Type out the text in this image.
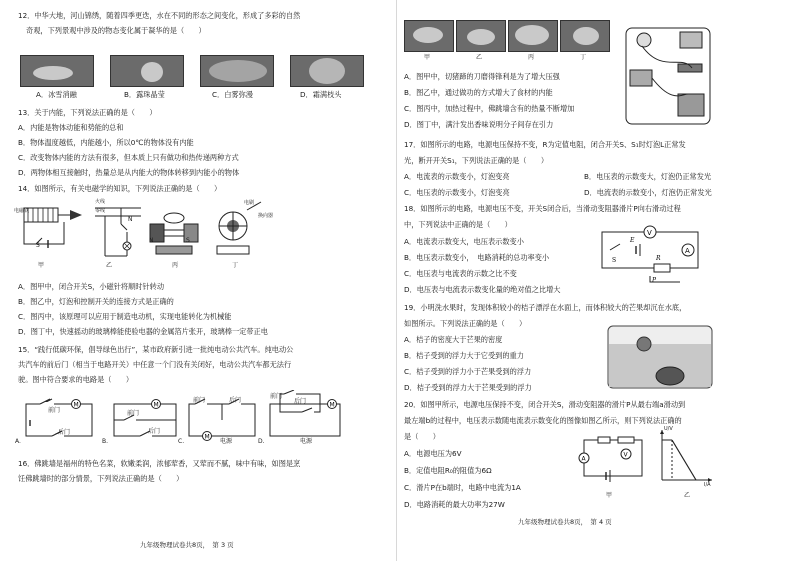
12．中华大地，河山锦绣，随着四季更迭，水在不同的形态之间变化，形成了多彩的自然
奇观，下列景观中涉及的物态变化属于凝华的是（　　）
A．冰雪消融	B．露珠晶莹	C．白雾弥漫	D．霜满枝头
13．关于内能，下列说法正确的是（　　）
A．内能是物体动能和势能的总和
B．物体温度越低，内能越小，所以0℃的物体没有内能
C．改变物体内能的方法有很多，但本质上只有做功和热传递两种方式
D．两物体相互接触时，热量总是从内能大的物体转移到内能小的物体
14．如图所示，有关电磁学的知识，下列说法正确的是（　　）
S
火线
零线
N	S
电刷
换向器
甲	乙	丙	丁
N
电磁铁
A．图甲中，闭合开关S，小磁针将顺时针转动
B．图乙中，灯泡和控制开关的连接方式是正确的
C．图丙中，该原理可以应用于制造电动机，实现电能转化为机械能
D．图丁中，快速摇动的玻璃棒能使验电器的金属箔片张开，玻璃棒一定带正电
15．“践行低碳环保，倡导绿色出行”，某市政府新引进一批纯电动公共汽车。纯电动公
共汽车的前后门（相当于电路开关）中任意一个门没有关闭好，电动公共汽车都无法行
驶。图中符合要求的电路是（　　）
M
前门
后门
M
前门
后门
M
前门	后门
电源
M
前门
后门
电源
A.	B.	C.	D.
16．佛跳墙是福州的特色名菜，软嫩柔润，浓郁荤香，又荤而不腻，味中有味，如图是烹
饪佛跳墙时的部分情景，下列说法正确的是（　　）
九年级物理试卷共8页，　第 3 页
甲	乙	丙	丁
A．图甲中，切猪蹄的刀磨得锋利是为了增大压强
B．图乙中，通过做功的方式增大了食材的内能
C．图丙中，加热过程中，佛跳墙含有的热量不断增加
D．图丁中，满汁发出香味说明分子间存在引力
17．如图所示的电路，电源电压保持不变，R为定值电阻，闭合开关S、S₁时灯泡L正常发
光，断开开关S₁，下列说法正确的是（　　）
A．电流表的示数变小，灯泡变亮	B．电压表的示数变大，灯泡仍正常发光
C．电压表的示数变小，灯泡变亮	D．电流表的示数变小，灯泡仍正常发光
18．如图所示的电路，电源电压不变，开关S闭合后，当滑动变阻器滑片P向右滑动过程
中，下列说法中正确的是（　　）
A．电流表示数变大，电压表示数变小
B．电压表示数变小，　电路消耗的总功率变小
C．电压表与电流表的示数之比不变
D．电压表与电流表示数变化量的绝对值之比增大
V
A
E
R
S
P
19．小明洗水果时，发现体积较小的桔子漂浮在水面上，而体积较大的芒果却沉在水底，
如图所示。下列说法正确的是（　　）
A．桔子的密度大于芒果的密度
B．桔子受到的浮力大于它受到的重力
C．桔子受到的浮力小于芒果受到的浮力
D．桔子受到的浮力大于芒果受到的浮力
20．如图甲所示，电源电压保持不变，闭合开关S，滑动变阻器的滑片P从最右端a滑动到
最左端b的过程中，电压表示数随电流表示数变化的图像如图乙所示，则下列说法正确的
是（　　）
A．电源电压为6V
B．定值电阻R₀的阻值为6Ω
C．滑片P在b端时，电路中电流为1A
D．电路消耗的最大功率为27W
A
V
U/V
I/A
甲	乙
九年级物理试卷共8页，　第 4 页
